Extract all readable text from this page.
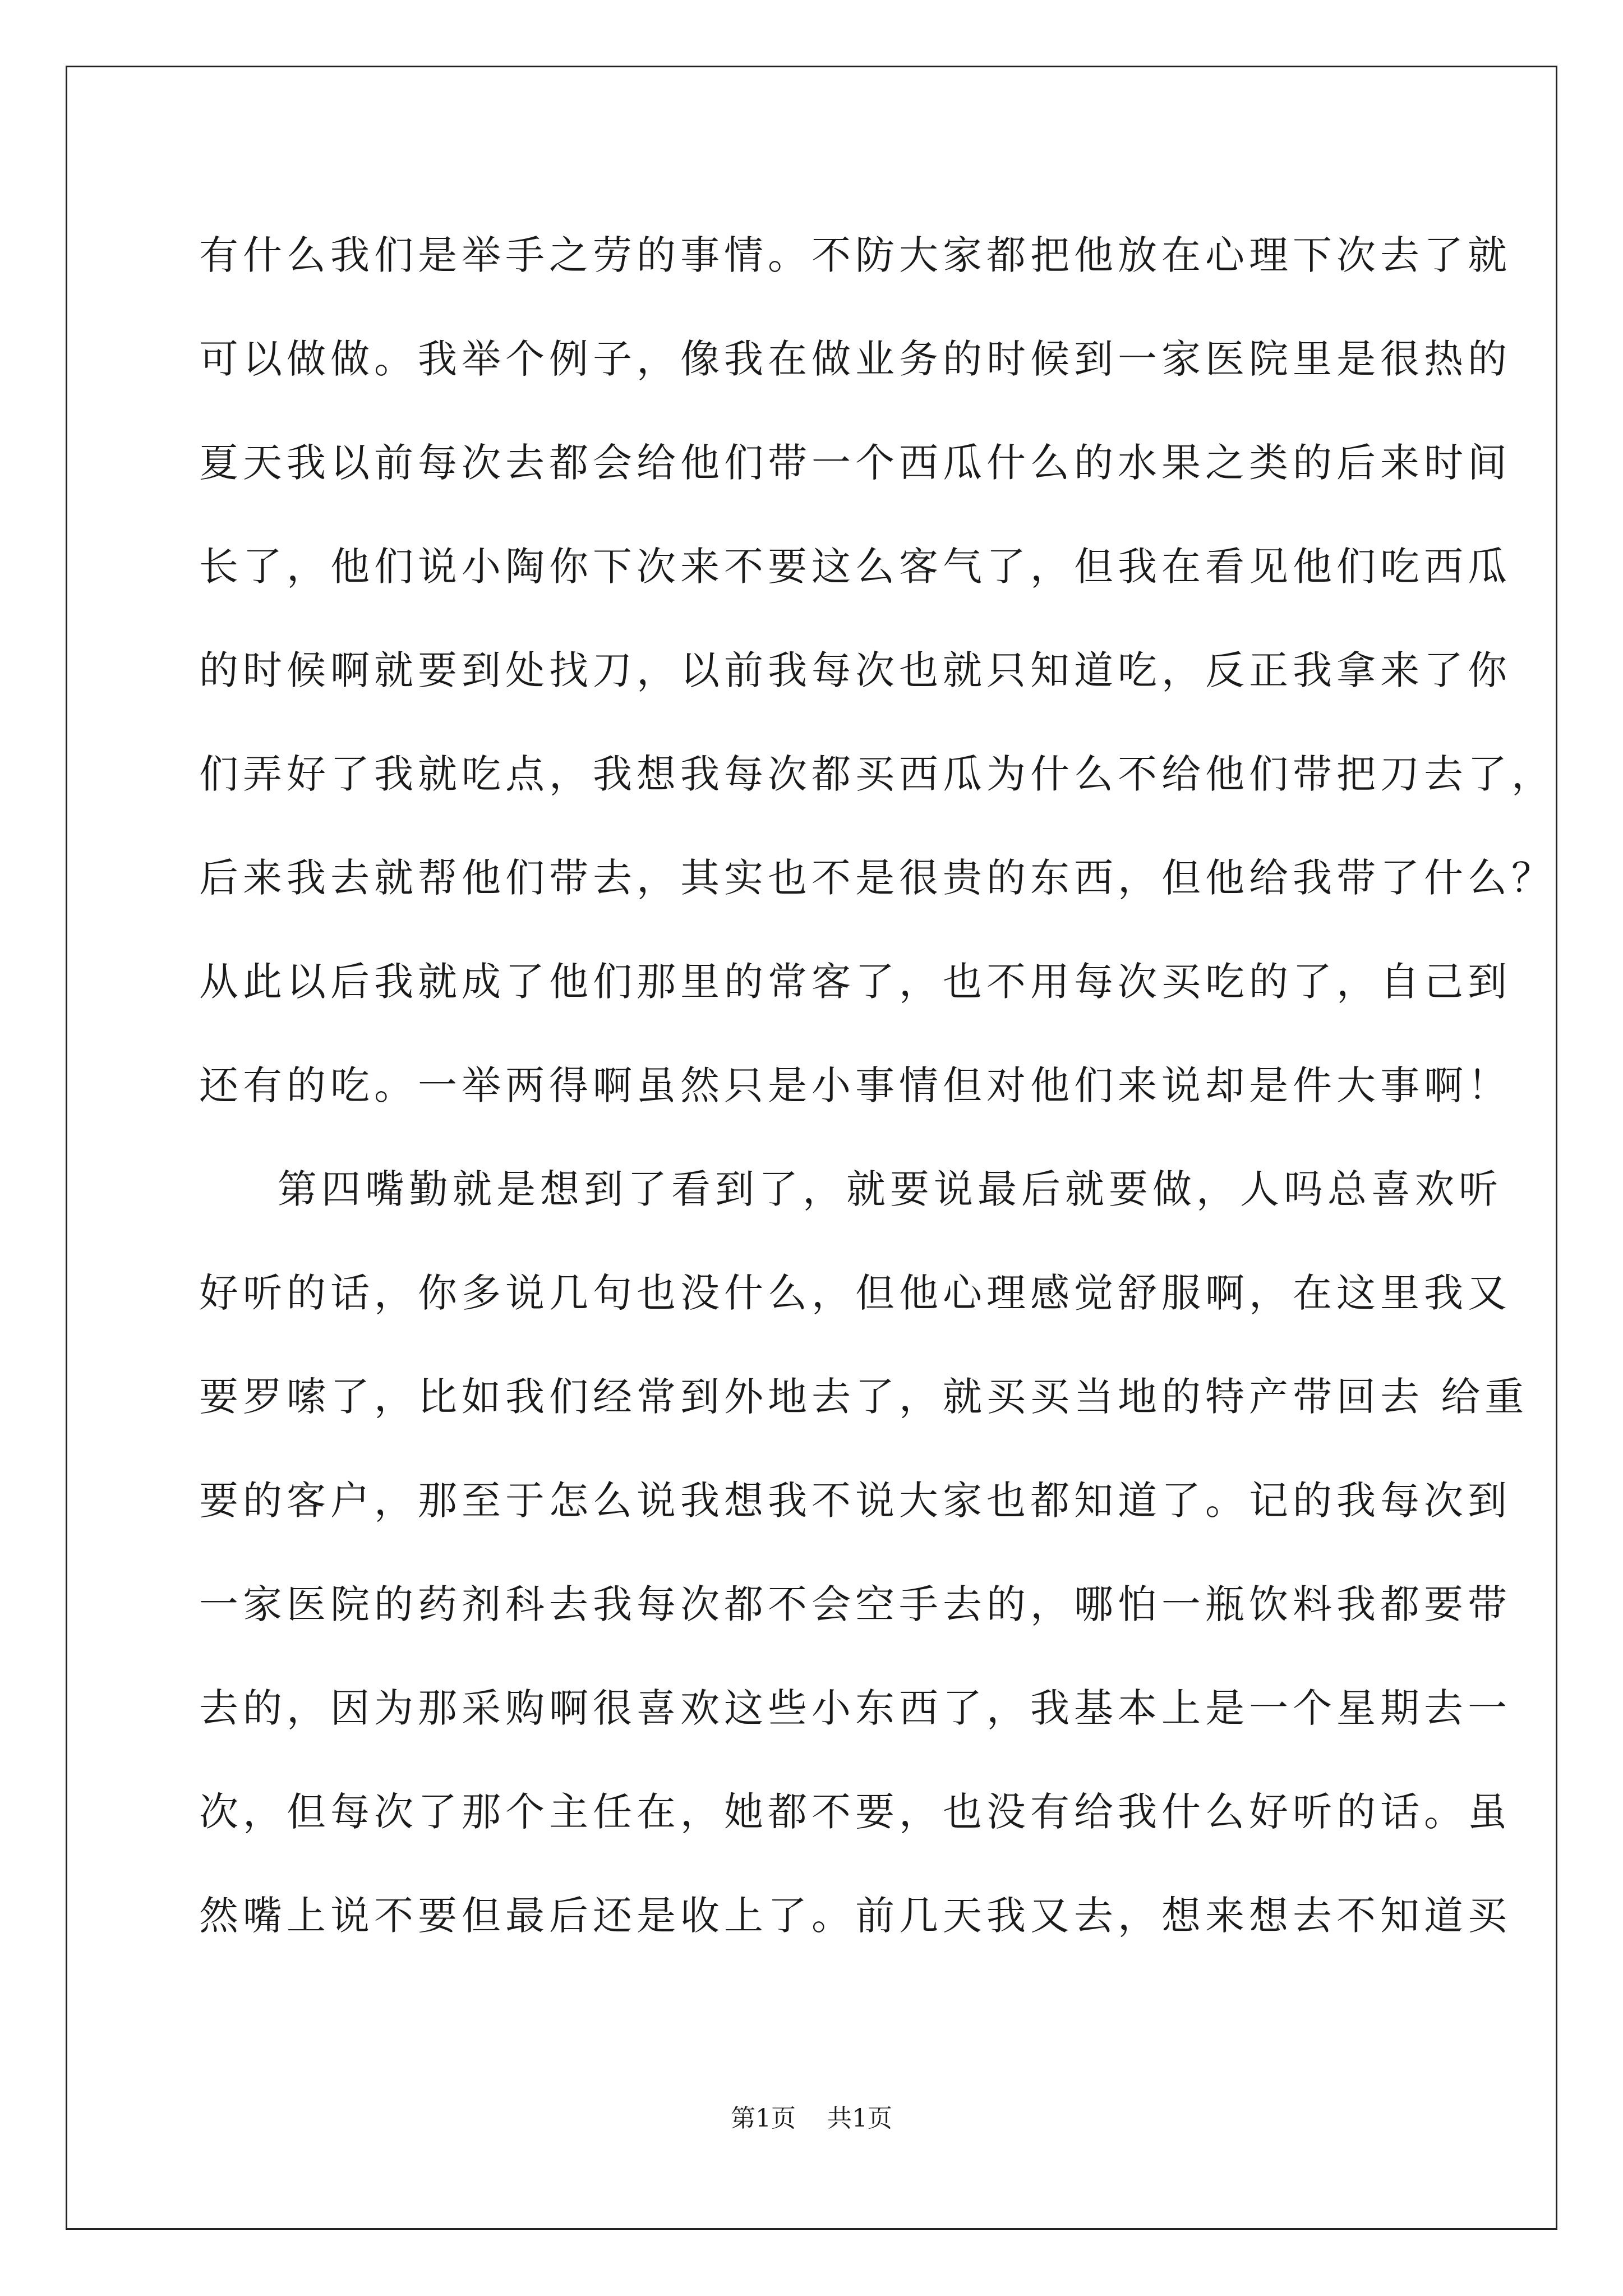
有什么我们是举手之劳的事情。不防大家都把他放在心理下次去了就
可以做做。我举个例子，像我在做业务的时候到一家医院里是很热的
夏天我以前每次去都会给他们带一个西瓜什么的水果之类的后来时间
长了，他们说小陶你下次来不要这么客气了，但我在看见他们吃西瓜
的时候啊就要到处找刀，以前我每次也就只知道吃，反正我拿来了你
们弄好了我就吃点，我想我每次都买西瓜为什么不给他们带把刀去了，
后来我去就帮他们带去，其实也不是很贵的东西，但他给我带了什么？
从此以后我就成了他们那里的常客了，也不用每次买吃的了，自己到
还有的吃。一举两得啊虽然只是小事情但对他们来说却是件大事啊！
第四嘴勤就是想到了看到了，就要说最后就要做，人吗总喜欢听
好听的话，你多说几句也没什么，但他心理感觉舒服啊，在这里我又
要罗嗦了，比如我们经常到外地去了，就买买当地的特产带回去 给重
要的客户，那至于怎么说我想我不说大家也都知道了。记的我每次到
一家医院的药剂科去我每次都不会空手去的，哪怕一瓶饮料我都要带
去的，因为那采购啊很喜欢这些小东西了，我基本上是一个星期去一
次，但每次了那个主任在，她都不要，也没有给我什么好听的话。虽
然嘴上说不要但最后还是收上了。前几天我又去，想来想去不知道买
第1页    共1页
